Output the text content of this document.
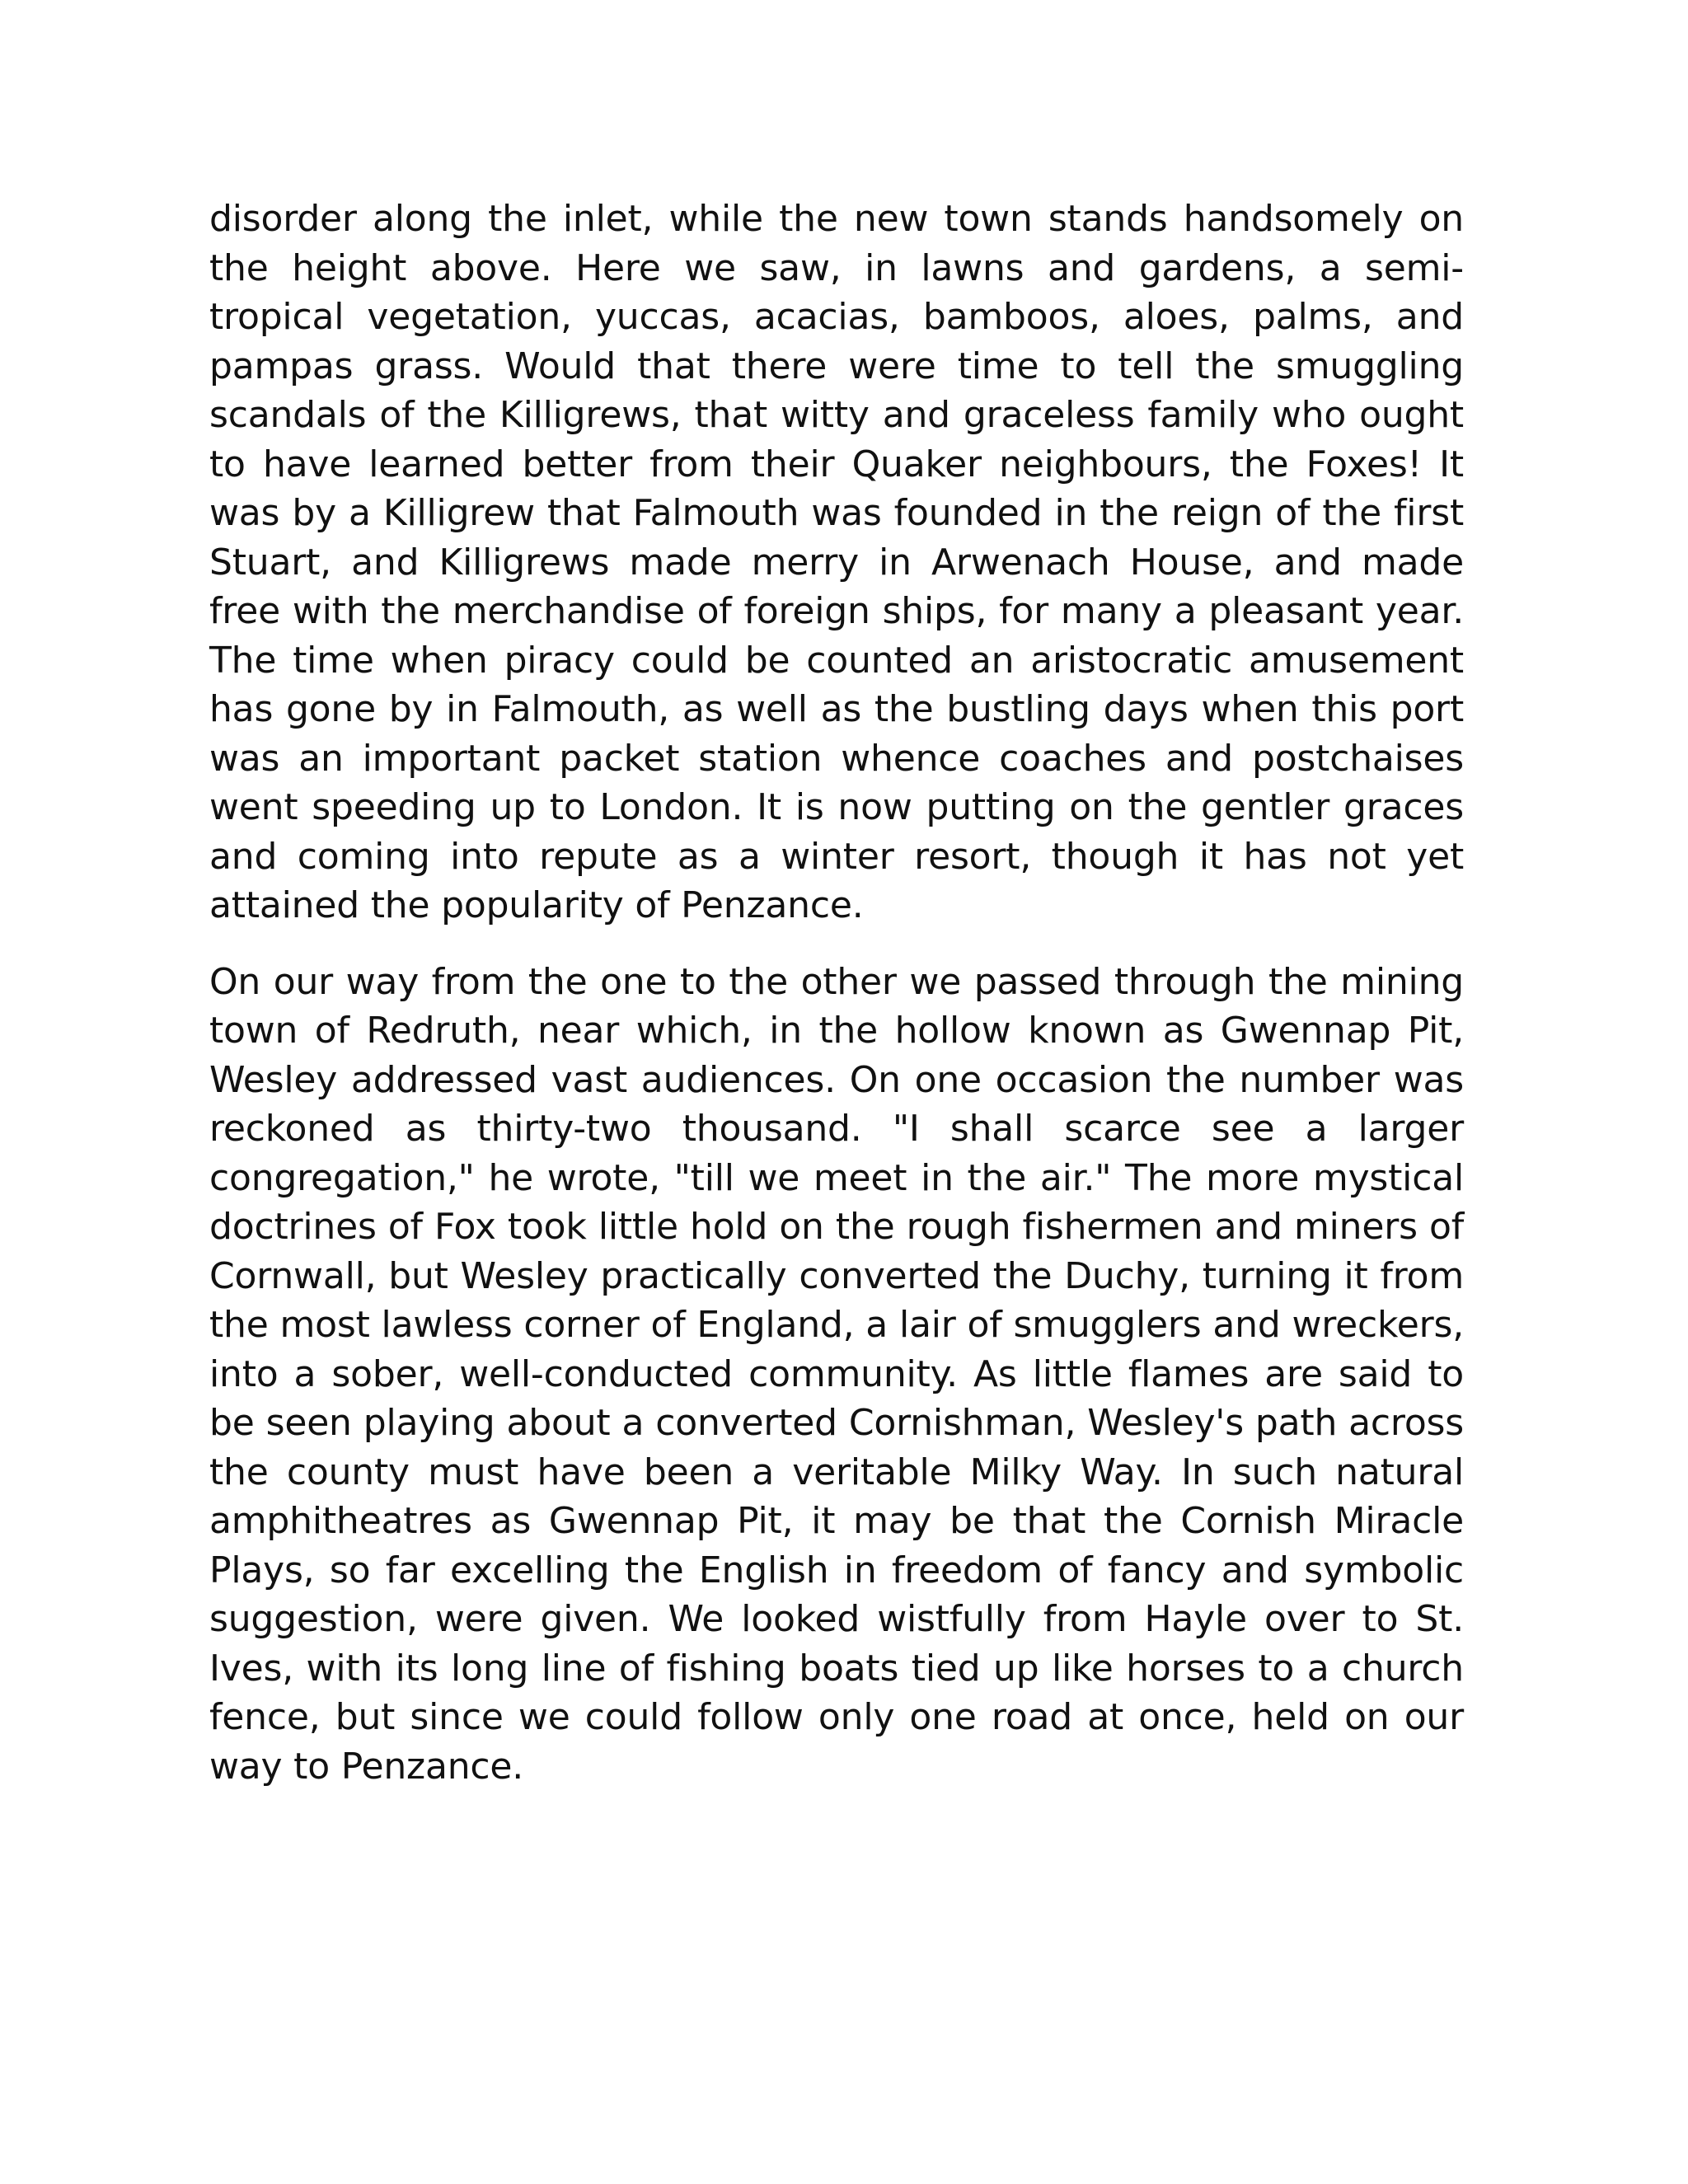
disorder along the inlet, while the new town stands handsomely on the height above. Here we saw, in lawns and gardens, a semi-tropical vegetation, yuccas, acacias, bamboos, aloes, palms, and pampas grass. Would that there were time to tell the smuggling scandals of the Killigrews, that witty and graceless family who ought to have learned better from their Quaker neighbours, the Foxes! It was by a Killigrew that Falmouth was founded in the reign of the first Stuart, and Killigrews made merry in Arwenach House, and made free with the merchandise of foreign ships, for many a pleasant year. The time when piracy could be counted an aristocratic amusement has gone by in Falmouth, as well as the bustling days when this port was an important packet station whence coaches and postchaises went speeding up to London. It is now putting on the gentler graces and coming into repute as a winter resort, though it has not yet attained the popularity of Penzance.

On our way from the one to the other we passed through the mining town of Redruth, near which, in the hollow known as Gwennap Pit, Wesley addressed vast audiences. On one occasion the number was reckoned as thirty-two thousand. "I shall scarce see a larger congregation," he wrote, "till we meet in the air." The more mystical doctrines of Fox took little hold on the rough fishermen and miners of Cornwall, but Wesley practically converted the Duchy, turning it from the most lawless corner of England, a lair of smugglers and wreckers, into a sober, well-conducted community. As little flames are said to be seen playing about a converted Cornishman, Wesley's path across the county must have been a veritable Milky Way. In such natural amphitheatres as Gwennap Pit, it may be that the Cornish Miracle Plays, so far excelling the English in freedom of fancy and symbolic suggestion, were given. We looked wistfully from Hayle over to St. Ives, with its long line of fishing boats tied up like horses to a church fence, but since we could follow only one road at once, held on our way to Penzance.
